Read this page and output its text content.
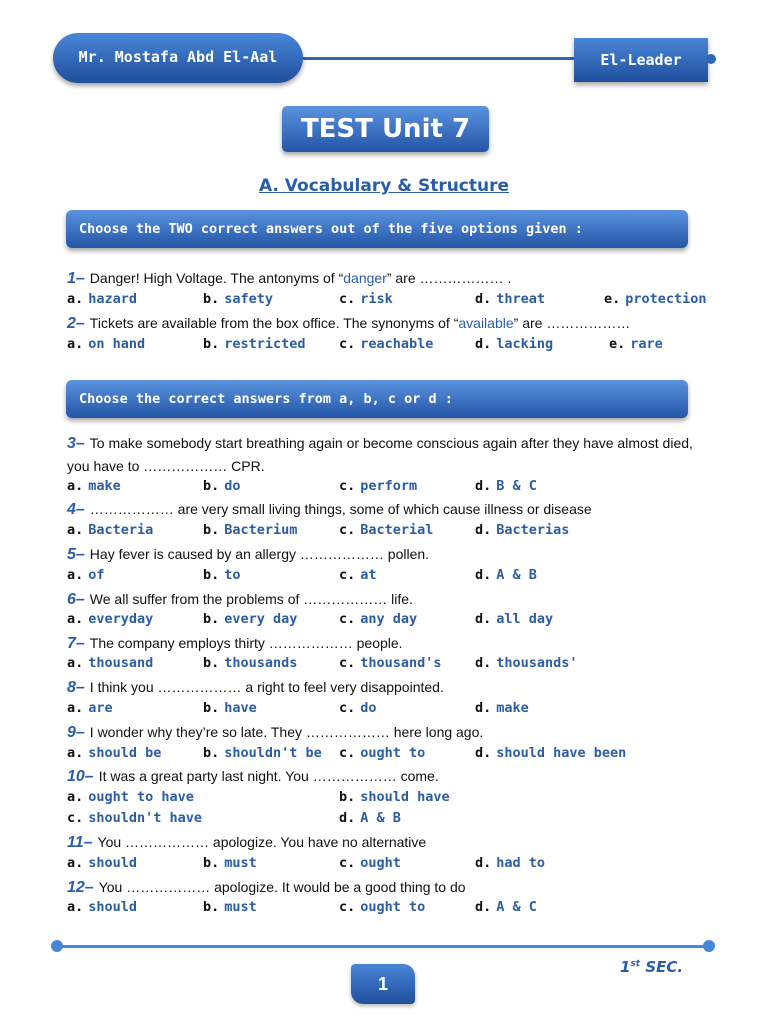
Mr. Mostafa Abd El-Aal	El-Leader
TEST Unit 7
A. Vocabulary & Structure
Choose the TWO correct answers out of the five options given :
1– Danger! High Voltage. The antonyms of “danger” are ……………… .
a. hazard	b. safety	c. risk	d. threat	e. protection
2– Tickets are available from the box office. The synonyms of “available” are ………………
a. on hand	b. restricted c. reachable	d. lacking	e. rare
Choose the correct answers from a, b, c or d :
3– To make somebody start breathing again or become conscious again after they have almost died, you have to ……………… CPR.
a. make	b. do	c. perform	d. B & C
4– ……………… are very small living things, some of which cause illness or disease
a. Bacteria	b. Bacterium	c. Bacterial	d. Bacterias
5– Hay fever is caused by an allergy ……………… pollen.
a. of	b. to	c. at	d. A & B
6– We all suffer from the problems of ……………… life.
a. everyday	b. every day	c. any day	d. all day
7– The company employs thirty ……………… people.
a. thousand	b. thousands	c. thousand's d. thousands'
8– I think you ……………… a right to feel very disappointed.
a. are	b. have	c. do	d. make
9– I wonder why they’re so late. They ……………… here long ago.
a. should be	b. shouldn't be c. ought to	d. should have been
10– It was a great party last night. You ……………… come.
a. ought to have	b. should have
c. shouldn't have	d. A & B
11– You ……………… apologize. You have no alternative
a. should	b. must	c. ought	d. had to
12– You ……………… apologize. It would be a good thing to do
a. should	b. must	c. ought to	d. A & C
1
1st SEC.
